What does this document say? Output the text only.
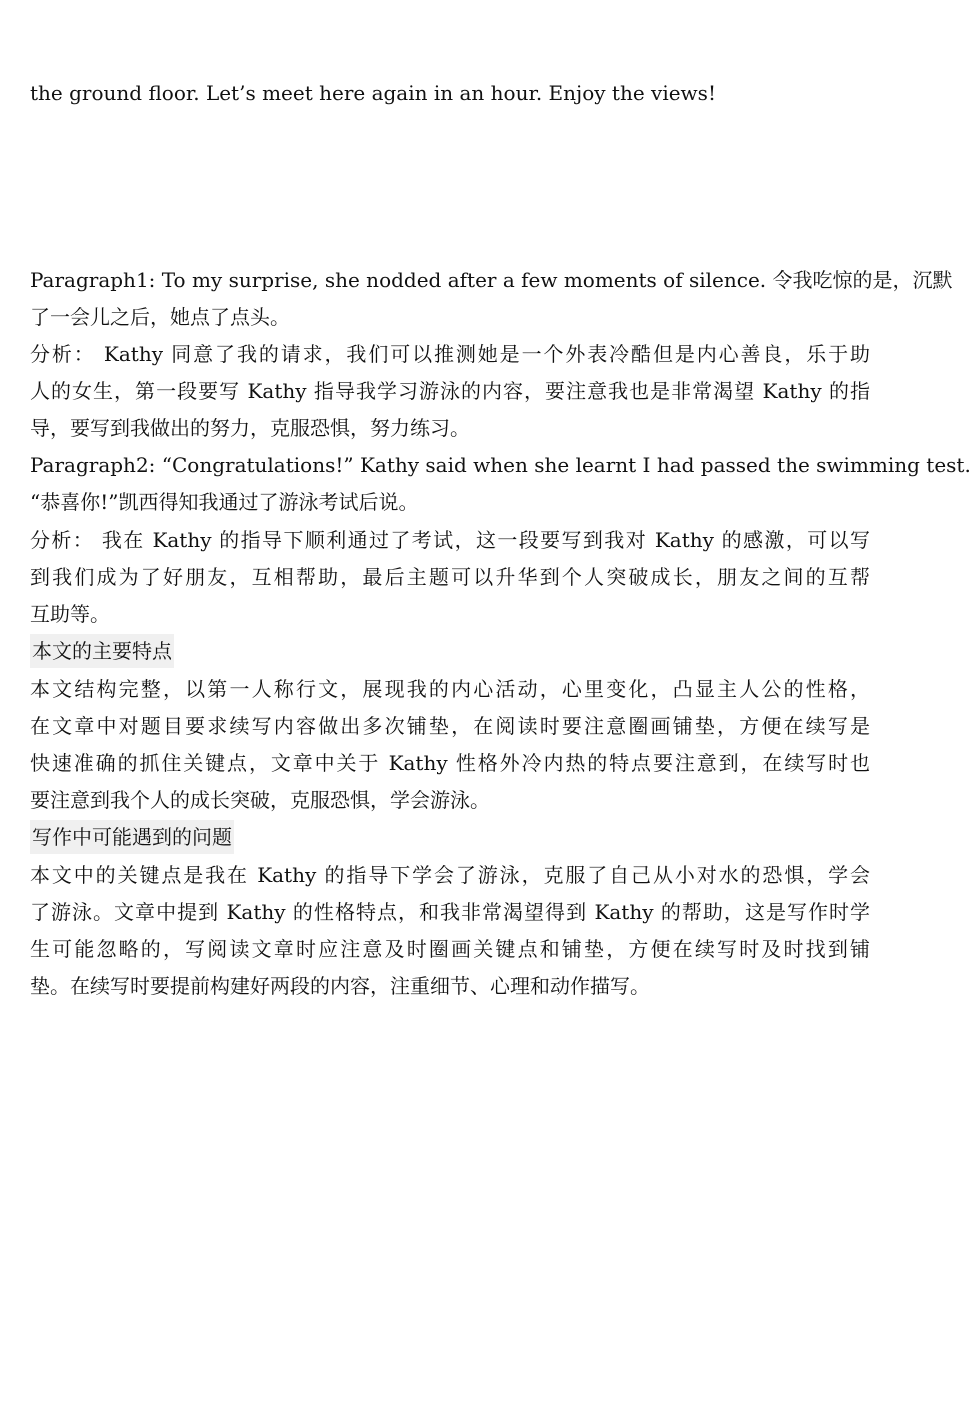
the ground floor. Let’s meet here again in an hour. Enjoy the views!
Paragraph1: To my surprise, she nodded after a few moments of silence. 令我吃惊的是，沉默
了一会儿之后，她点了点头。
分析： Kathy 同意了我的请求，我们可以推测她是一个外表冷酷但是内心善良，乐于助
人的女生，第一段要写 Kathy 指导我学习游泳的内容，要注意我也是非常渴望 Kathy 的指
导，要写到我做出的努力，克服恐惧，努力练习。
Paragraph2: “Congratulations!” Kathy said when she learnt I had passed the swimming test.
“恭喜你!”凯西得知我通过了游泳考试后说。
分析： 我在 Kathy 的指导下顺利通过了考试，这一段要写到我对 Kathy 的感激，可以写
到我们成为了好朋友，互相帮助，最后主题可以升华到个人突破成长，朋友之间的互帮
互助等。
本文的主要特点
本文结构完整，以第一人称行文，展现我的内心活动，心里变化，凸显主人公的性格，
在文章中对题目要求续写内容做出多次铺垫，在阅读时要注意圈画铺垫，方便在续写是
快速准确的抓住关键点，文章中关于 Kathy 性格外冷内热的特点要注意到，在续写时也
要注意到我个人的成长突破，克服恐惧，学会游泳。
写作中可能遇到的问题
本文中的关键点是我在 Kathy 的指导下学会了游泳，克服了自己从小对水的恐惧，学会
了游泳。文章中提到 Kathy 的性格特点，和我非常渴望得到 Kathy 的帮助，这是写作时学
生可能忽略的，写阅读文章时应注意及时圈画关键点和铺垫，方便在续写时及时找到铺
垫。在续写时要提前构建好两段的内容，注重细节、心理和动作描写。
